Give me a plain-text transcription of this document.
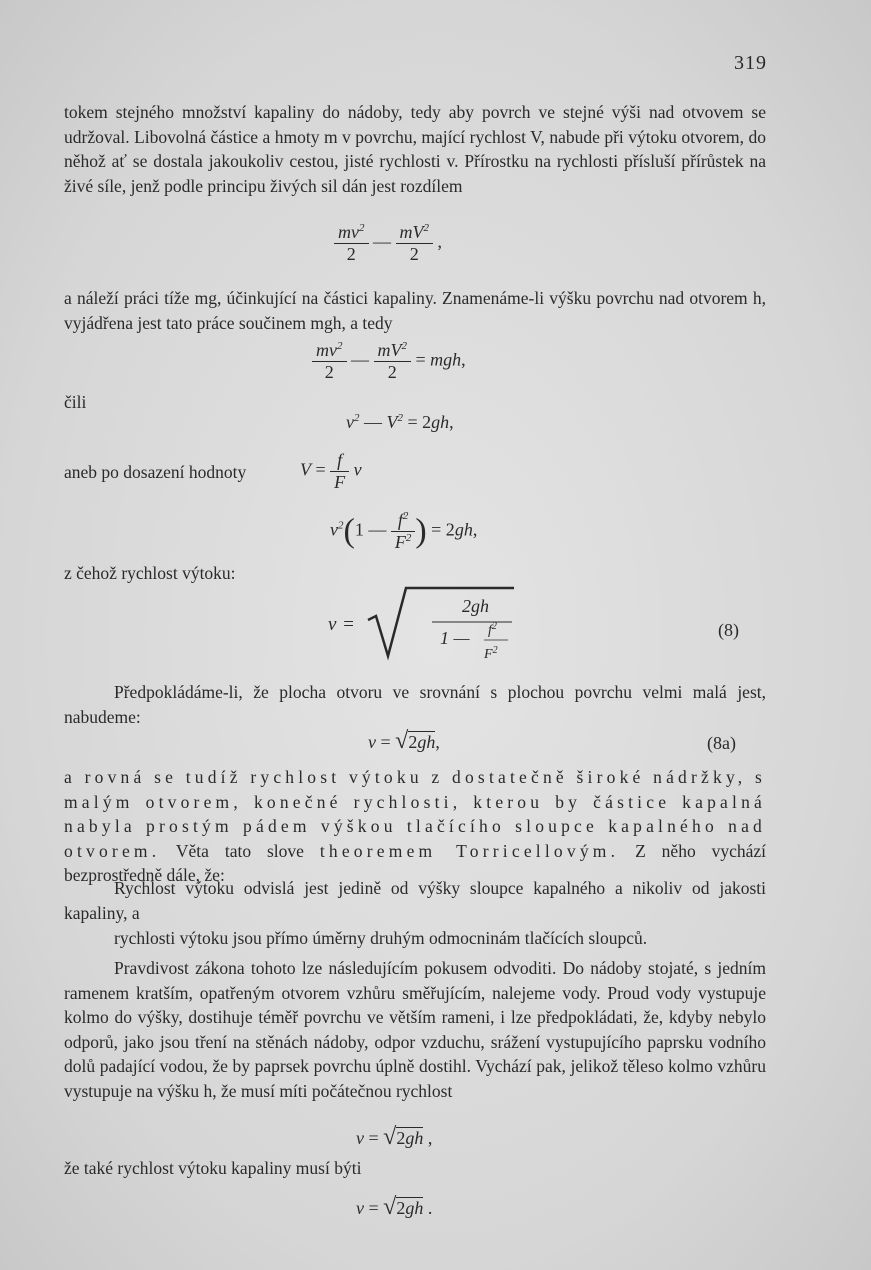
319
tokem stejného množství kapaliny do nádoby, tedy aby povrch ve stejné výši nad otvovem se udržoval. Libovolná částice a hmoty m v povrchu, mající rychlost V, nabude při výtoku otvorem, do něhož ať se dostala jakoukoliv cestou, jisté rychlosti v. Přírostku na rychlosti přísluší přírůstek na živé síle, jenž podle principu živých sil dán jest rozdílem
$\frac{mv^2}{2}$ — $\frac{mV^2}{2}$ ,
a náleží práci tíže mg, účinkující na částici kapaliny. Znamenáme-li výšku povrchu nad otvorem h, vyjádřena jest tato práce součinem mgh, a tedy
$\frac{mv^2}{2}$ — $\frac{mV^2}{2}$ = mgh,
čili
$v^2$ — $V^2 = 2gh$,
aneb po dosazení hodnoty	$V = \frac{f}{F}$ v
$v^2(1$ — $\frac{f^2}{F^2}$ ) = 2gh,
z čehož rychlost výtoku:
v =
2gh
1 — $f^2$
$F^2$
(8)
Předpokládáme-li, že plocha otvoru ve srovnání s plochou povrchu velmi malá jest, nabudeme:
v = √2gh,	(8a)
a rovná se tudíž rychlost výtoku z dostatečně široké nádržky, s malým otvorem, konečné rychlosti, kterou by částice kapalná nabyla prostým pádem výškou tlačícího sloupce kapalného nad otvorem. Věta tato slove theoremem Torricellovým. Z něho vychází bezprostředně dále, že:
Rychlost výtoku odvislá jest jedině od výšky sloupce kapalného a nikoliv od jakosti kapaliny, a
rychlosti výtoku jsou přímo úměrny druhým odmocninám tlačících sloupců.
Pravdivost zákona tohoto lze následujícím pokusem odvoditi. Do nádoby stojaté, s jedním ramenem kratším, opatřeným otvorem vzhůru směřujícím, nalejeme vody. Proud vody vystupuje kolmo do výšky, dostihuje téměř povrchu ve větším rameni, i lze předpokládati, že, kdyby nebylo odporů, jako jsou tření na stěnách nádoby, odpor vzduchu, srážení vystupujícího paprsku vodního dolů padající vodou, že by paprsek povrchu úplně dostihl. Vychází pak, jelikož těleso kolmo vzhůru vystupuje na výšku h, že musí míti počátečnou rychlost
v = √2gh ,
že také rychlost výtoku kapaliny musí býti
v = √2gh .
